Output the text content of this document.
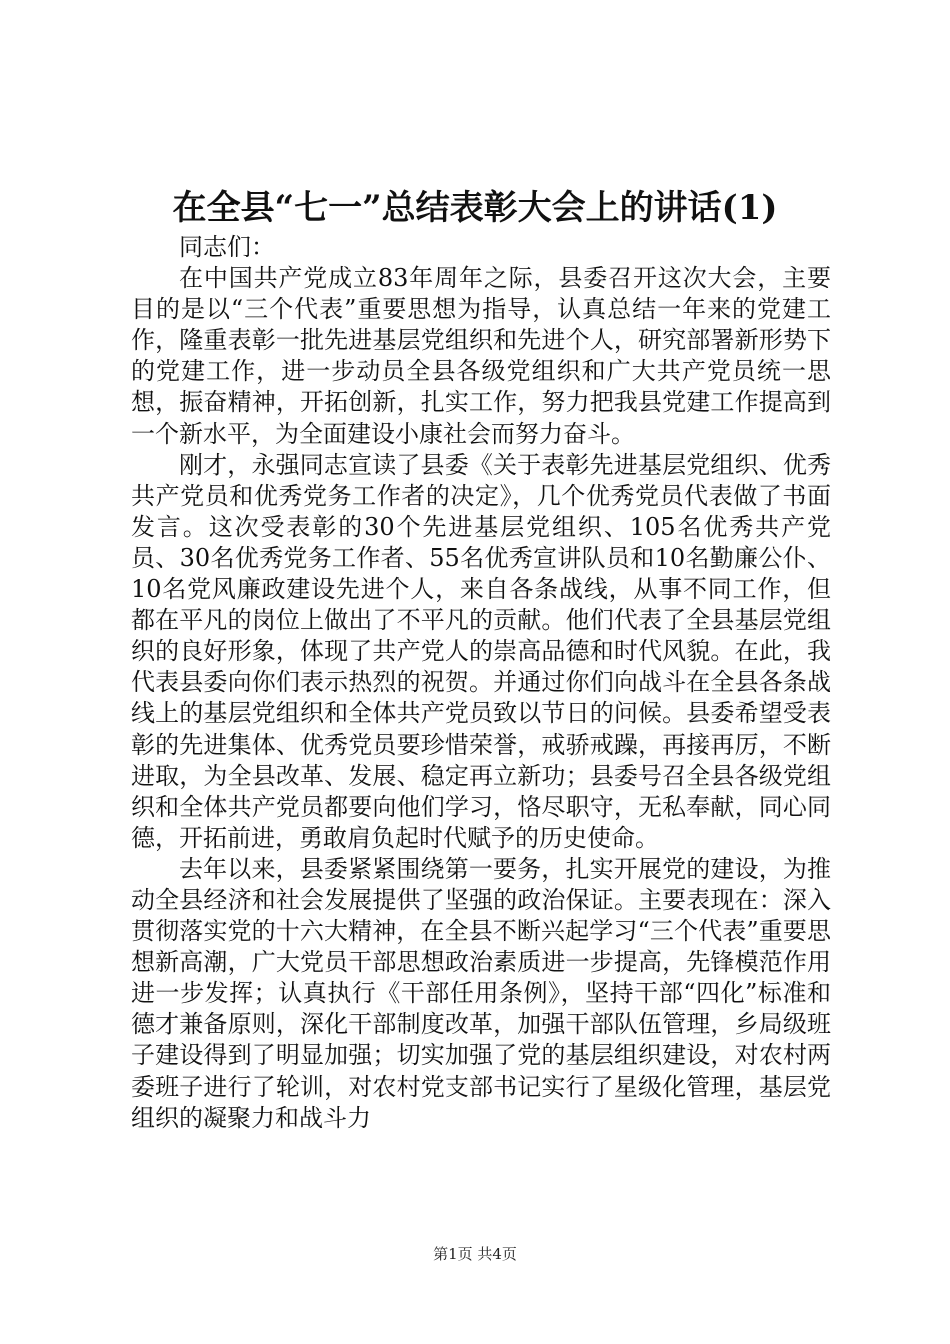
在全县“七一”总结表彰大会上的讲话(1)

同志们：

在中国共产党成立83年周年之际，县委召开这次大会，主要目的是以“三个代表”重要思想为指导，认真总结一年来的党建工作，隆重表彰一批先进基层党组织和先进个人，研究部署新形势下的党建工作，进一步动员全县各级党组织和广大共产党员统一思想，振奋精神，开拓创新，扎实工作，努力把我县党建工作提高到一个新水平，为全面建设小康社会而努力奋斗。

刚才，永强同志宣读了县委《关于表彰先进基层党组织、优秀共产党员和优秀党务工作者的决定》，几个优秀党员代表做了书面发言。这次受表彰的30个先进基层党组织、105名优秀共产党员、30名优秀党务工作者、55名优秀宣讲队员和10名勤廉公仆、10名党风廉政建设先进个人，来自各条战线，从事不同工作，但都在平凡的岗位上做出了不平凡的贡献。他们代表了全县基层党组织的良好形象，体现了共产党人的崇高品德和时代风貌。在此，我代表县委向你们表示热烈的祝贺。并通过你们向战斗在全县各条战线上的基层党组织和全体共产党员致以节日的问候。县委希望受表彰的先进集体、优秀党员要珍惜荣誉，戒骄戒躁，再接再厉，不断进取，为全县改革、发展、稳定再立新功；县委号召全县各级党组织和全体共产党员都要向他们学习，恪尽职守，无私奉献，同心同德，开拓前进，勇敢肩负起时代赋予的历史使命。

去年以来，县委紧紧围绕第一要务，扎实开展党的建设，为推动全县经济和社会发展提供了坚强的政治保证。主要表现在：深入贯彻落实党的十六大精神，在全县不断兴起学习“三个代表”重要思想新高潮，广大党员干部思想政治素质进一步提高，先锋模范作用进一步发挥；认真执行《干部任用条例》，坚持干部“四化”标准和德才兼备原则，深化干部制度改革，加强干部队伍管理，乡局级班子建设得到了明显加强；切实加强了党的基层组织建设，对农村两委班子进行了轮训，对农村党支部书记实行了星级化管理，基层党组织的凝聚力和战斗力

第1页 共4页
